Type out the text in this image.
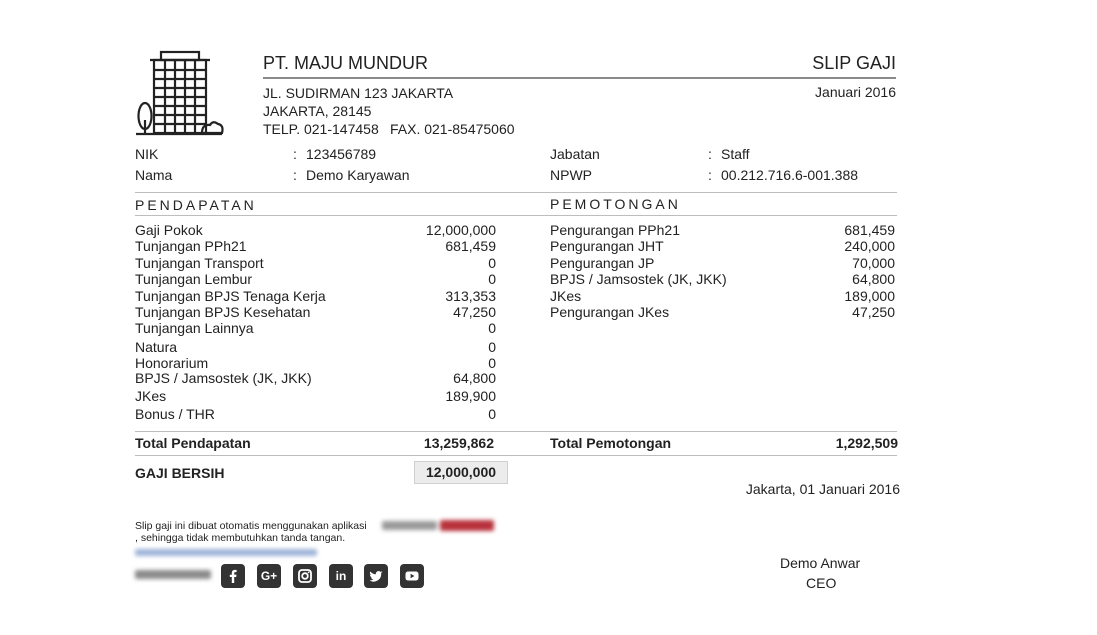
PT. MAJU MUNDUR	SLIP GAJI
JL. SUDIRMAN 123 JAKARTA
JAKARTA, 28145
TELP. 021-147458 FAX. 021-85475060
Januari 2016
NIK	: 123456789
Nama	: Demo Karyawan
Jabatan	: Staff
NPWP	: 00.212.716.6-001.388
PENDAPATAN	PEMOTONGAN
Gaji Pokok	12,000,000
Tunjangan PPh21	681,459
Tunjangan Transport	0
Tunjangan Lembur	0
Tunjangan BPJS Tenaga Kerja	313,353
Tunjangan BPJS Kesehatan	47,250
Tunjangan Lainnya	0
Natura	0
Honorarium	0
BPJS / Jamsostek (JK, JKK)	64,800
JKes	189,900
Bonus / THR	0
Pengurangan PPh21	681,459
Pengurangan JHT	240,000
Pengurangan JP	70,000
BPJS / Jamsostek (JK, JKK)	64,800
JKes	189,000
Pengurangan JKes	47,250
Total Pendapatan	13,259,862	Total Pemotongan	1,292,509
GAJI BERSIH	12,000,000
Jakarta, 01 Januari 2016
Demo Anwar
CEO
Slip gaji ini dibuat otomatis menggunakan aplikasi
, sehingga tidak membutuhkan tanda tangan.
G+	in
